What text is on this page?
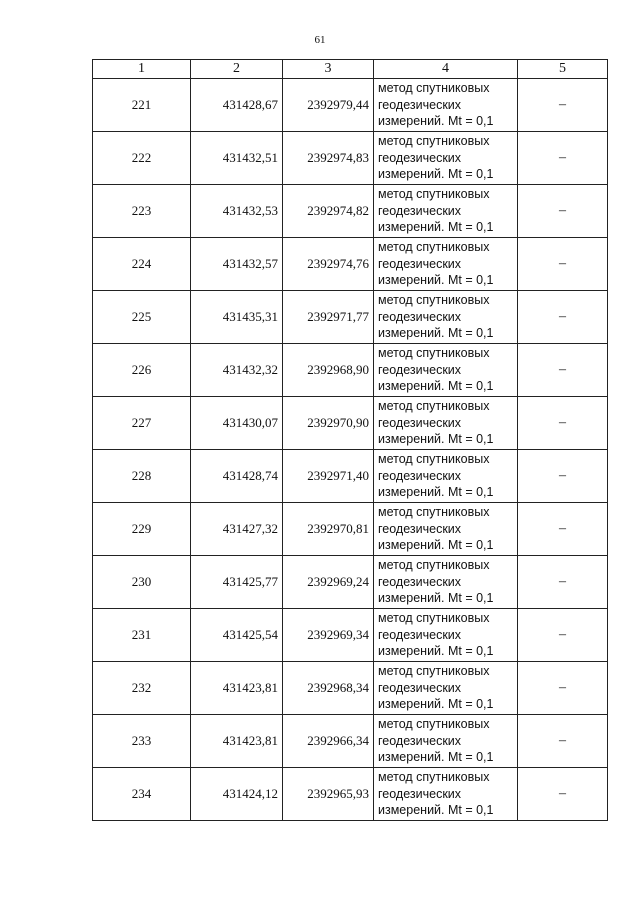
61
1	2	3	4	5
221	431428,67	2392979,44	метод спутниковых
геодезических
измерений. Mt = 0,1	–
222	431432,51	2392974,83	метод спутниковых
геодезических
измерений. Mt = 0,1	–
223	431432,53	2392974,82	метод спутниковых
геодезических
измерений. Mt = 0,1	–
224	431432,57	2392974,76	метод спутниковых
геодезических
измерений. Mt = 0,1	–
225	431435,31	2392971,77	метод спутниковых
геодезических
измерений. Mt = 0,1	–
226	431432,32	2392968,90	метод спутниковых
геодезических
измерений. Mt = 0,1	–
227	431430,07	2392970,90	метод спутниковых
геодезических
измерений. Mt = 0,1	–
228	431428,74	2392971,40	метод спутниковых
геодезических
измерений. Mt = 0,1	–
229	431427,32	2392970,81	метод спутниковых
геодезических
измерений. Mt = 0,1	–
230	431425,77	2392969,24	метод спутниковых
геодезических
измерений. Mt = 0,1	–
231	431425,54	2392969,34	метод спутниковых
геодезических
измерений. Mt = 0,1	–
232	431423,81	2392968,34	метод спутниковых
геодезических
измерений. Mt = 0,1	–
233	431423,81	2392966,34	метод спутниковых
геодезических
измерений. Mt = 0,1	–
234	431424,12	2392965,93	метод спутниковых
геодезических
измерений. Mt = 0,1	–
